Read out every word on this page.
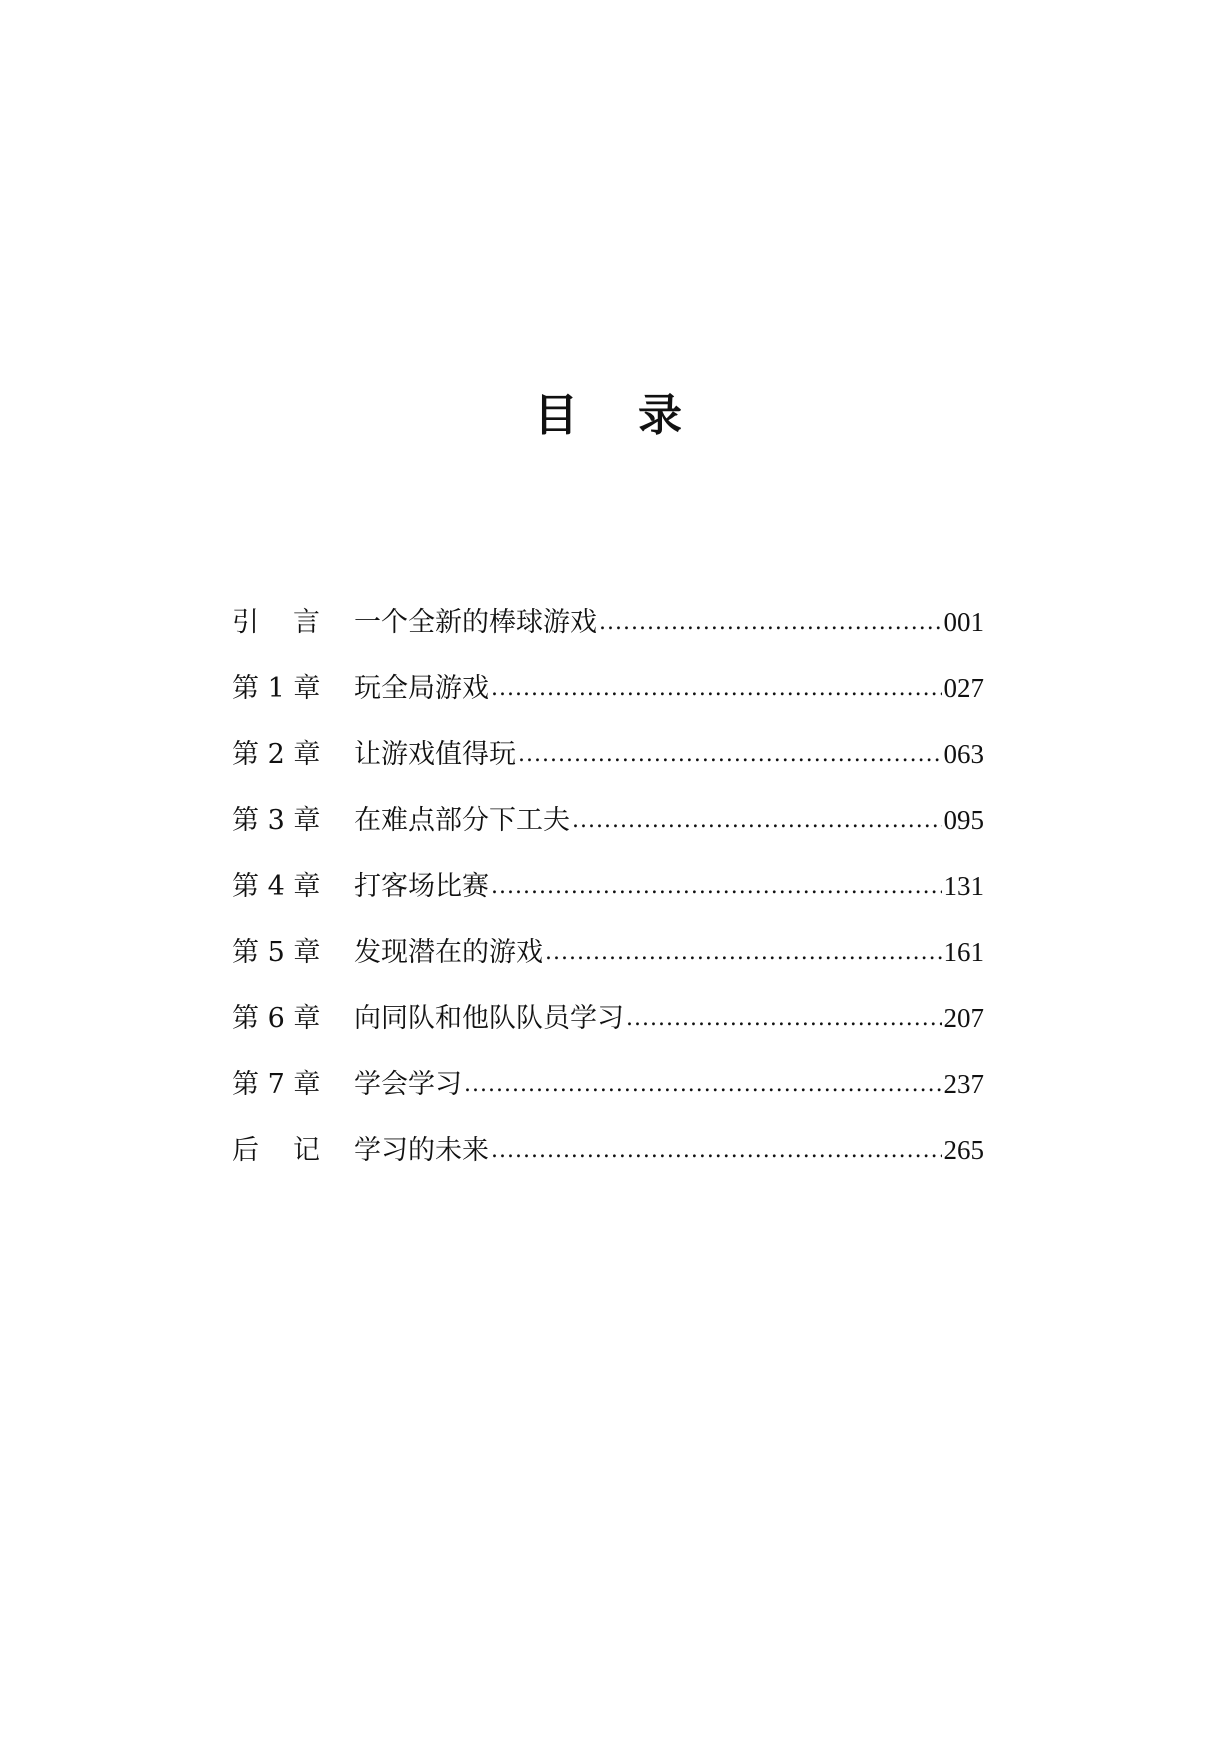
目 录
引 言 一个全新的棒球游戏 .....	001
第 1 章 玩全局游戏 .....	027
第 2 章 让游戏值得玩 .....	063
第 3 章 在难点部分下工夫 .....	095
第 4 章 打客场比赛 .....	131
第 5 章 发现潜在的游戏 .....	161
第 6 章 向同队和他队队员学习 .....	207
第 7 章 学会学习 .....	237
后 记 学习的未来 .....	265
